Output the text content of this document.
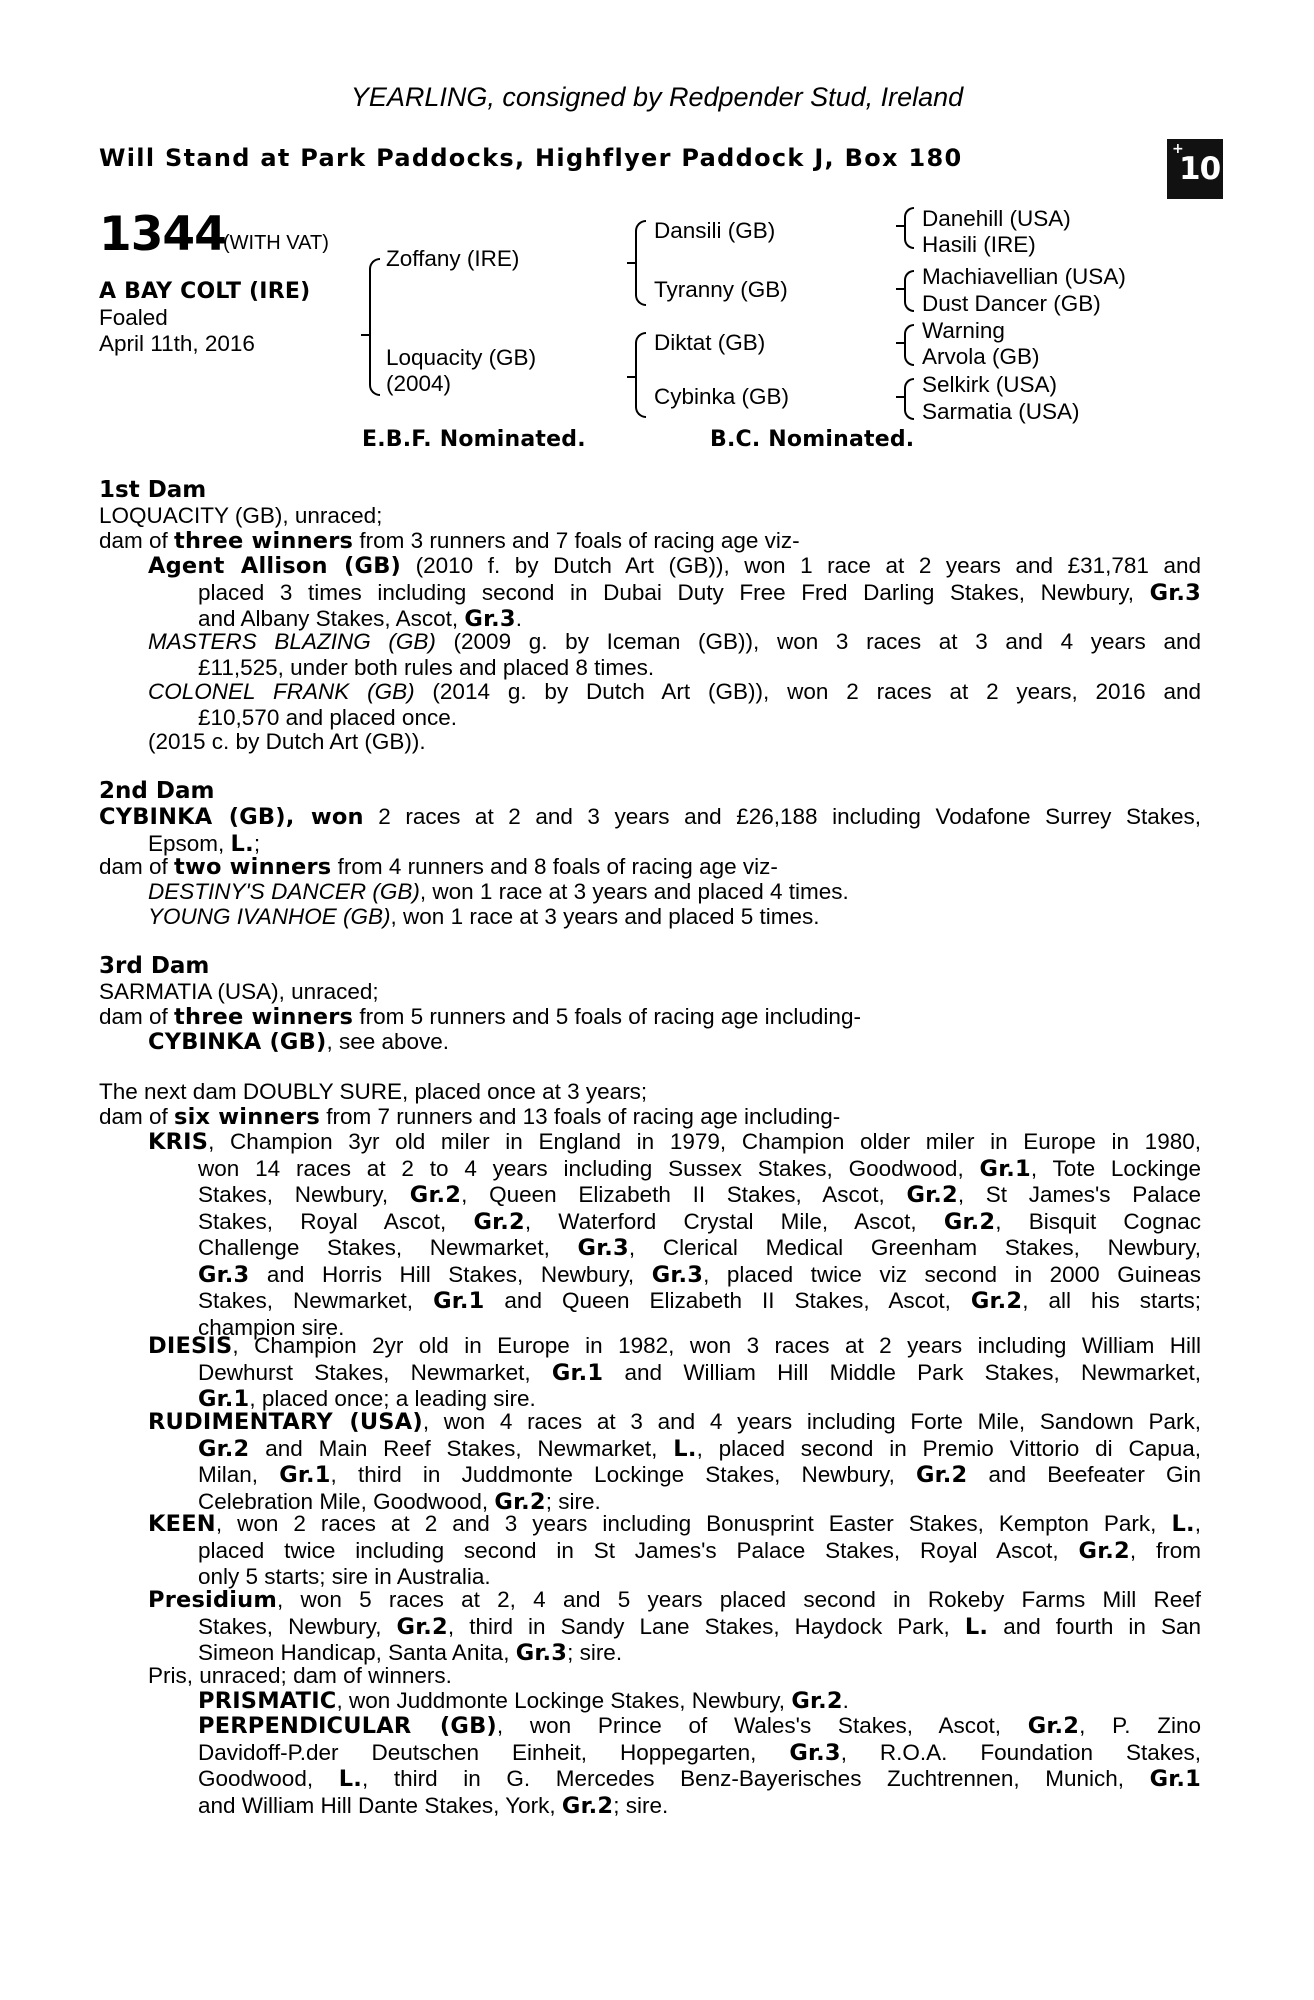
YEARLING, consigned by Redpender Stud, Ireland
Will Stand at Park Paddocks, Highflyer Paddock J, Box 180	+
10
1344
(WITH VAT)
A BAY COLT (IRE)
Foaled
April 11th, 2016
Zoffany (IRE)
Loquacity (GB)
(2004)
Dansili (GB)
Tyranny (GB)
Diktat (GB)
Cybinka (GB)
Danehill (USA)
Hasili (IRE)
Machiavellian (USA)
Dust Dancer (GB)
Warning
Arvola (GB)
Selkirk (USA)
Sarmatia (USA)
E.B.F. Nominated.	B.C. Nominated.
1st Dam
LOQUACITY (GB), unraced;
dam of three winners from 3 runners and 7 foals of racing age viz-
Agent Allison (GB) (2010 f. by Dutch Art (GB)), won 1 race at 2 years and £31,781 and
placed 3 times including second in Dubai Duty Free Fred Darling Stakes, Newbury, Gr.3
and Albany Stakes, Ascot, Gr.3.
MASTERS BLAZING (GB) (2009 g. by Iceman (GB)), won 3 races at 3 and 4 years and
£11,525, under both rules and placed 8 times.
COLONEL FRANK (GB) (2014 g. by Dutch Art (GB)), won 2 races at 2 years, 2016 and
£10,570 and placed once.
(2015 c. by Dutch Art (GB)).
2nd Dam
CYBINKA (GB), won 2 races at 2 and 3 years and £26,188 including Vodafone Surrey Stakes,
Epsom, L.;
dam of two winners from 4 runners and 8 foals of racing age viz-
DESTINY'S DANCER (GB), won 1 race at 3 years and placed 4 times.
YOUNG IVANHOE (GB), won 1 race at 3 years and placed 5 times.
3rd Dam
SARMATIA (USA), unraced;
dam of three winners from 5 runners and 5 foals of racing age including-
CYBINKA (GB), see above.
The next dam DOUBLY SURE, placed once at 3 years;
dam of six winners from 7 runners and 13 foals of racing age including-
KRIS, Champion 3yr old miler in England in 1979, Champion older miler in Europe in 1980,
won 14 races at 2 to 4 years including Sussex Stakes, Goodwood, Gr.1, Tote Lockinge
Stakes, Newbury, Gr.2, Queen Elizabeth II Stakes, Ascot, Gr.2, St James's Palace
Stakes, Royal Ascot, Gr.2, Waterford Crystal Mile, Ascot, Gr.2, Bisquit Cognac
Challenge Stakes, Newmarket, Gr.3, Clerical Medical Greenham Stakes, Newbury,
Gr.3 and Horris Hill Stakes, Newbury, Gr.3, placed twice viz second in 2000 Guineas
Stakes, Newmarket, Gr.1 and Queen Elizabeth II Stakes, Ascot, Gr.2, all his starts;
champion sire.
DIESIS, Champion 2yr old in Europe in 1982, won 3 races at 2 years including William Hill
Dewhurst Stakes, Newmarket, Gr.1 and William Hill Middle Park Stakes, Newmarket,
Gr.1, placed once; a leading sire.
RUDIMENTARY (USA), won 4 races at 3 and 4 years including Forte Mile, Sandown Park,
Gr.2 and Main Reef Stakes, Newmarket, L., placed second in Premio Vittorio di Capua,
Milan, Gr.1, third in Juddmonte Lockinge Stakes, Newbury, Gr.2 and Beefeater Gin
Celebration Mile, Goodwood, Gr.2; sire.
KEEN, won 2 races at 2 and 3 years including Bonusprint Easter Stakes, Kempton Park, L.,
placed twice including second in St James's Palace Stakes, Royal Ascot, Gr.2, from
only 5 starts; sire in Australia.
Presidium, won 5 races at 2, 4 and 5 years placed second in Rokeby Farms Mill Reef
Stakes, Newbury, Gr.2, third in Sandy Lane Stakes, Haydock Park, L. and fourth in San
Simeon Handicap, Santa Anita, Gr.3; sire.
Pris, unraced; dam of winners.
PRISMATIC, won Juddmonte Lockinge Stakes, Newbury, Gr.2.
PERPENDICULAR (GB), won Prince of Wales's Stakes, Ascot, Gr.2, P. Zino
Davidoff-P.der Deutschen Einheit, Hoppegarten, Gr.3, R.O.A. Foundation Stakes,
Goodwood, L., third in G. Mercedes Benz-Bayerisches Zuchtrennen, Munich, Gr.1
and William Hill Dante Stakes, York, Gr.2; sire.
